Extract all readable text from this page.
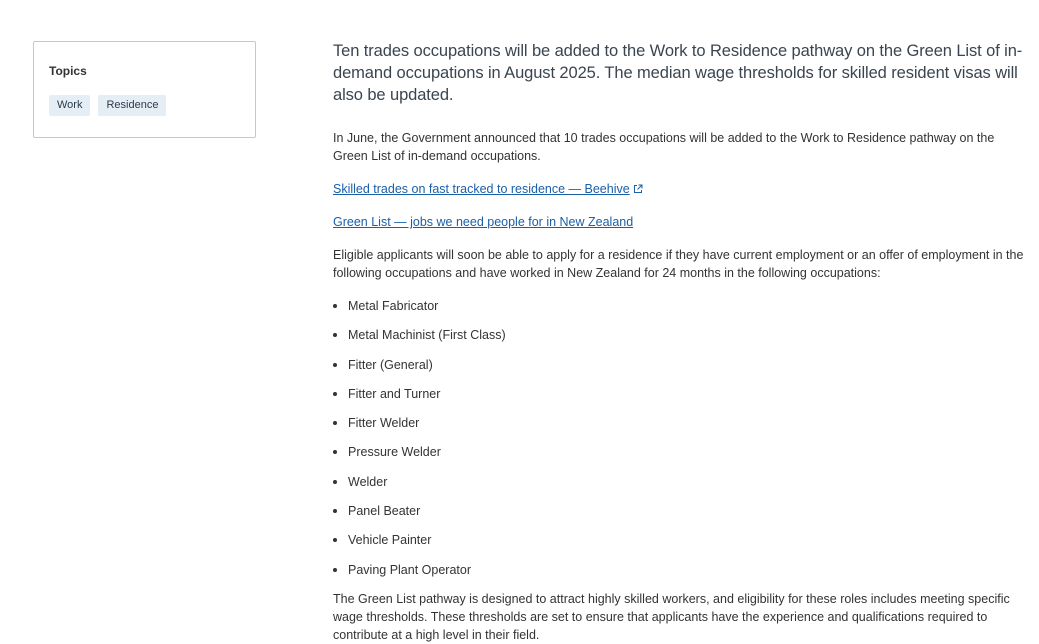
Topics
Work	Residence

Ten trades occupations will be added to the Work to Residence pathway on the Green List of in-demand occupations in August 2025. The median wage thresholds for skilled resident visas will also be updated.

In June, the Government announced that 10 trades occupations will be added to the Work to Residence pathway on the Green List of in-demand occupations.

Skilled trades on fast tracked to residence — Beehive

Green List — jobs we need people for in New Zealand

Eligible applicants will soon be able to apply for a residence if they have current employment or an offer of employment in the following occupations and have worked in New Zealand for 24 months in the following occupations:

Metal Fabricator
Metal Machinist (First Class)
Fitter (General)
Fitter and Turner
Fitter Welder
Pressure Welder
Welder
Panel Beater
Vehicle Painter
Paving Plant Operator

The Green List pathway is designed to attract highly skilled workers, and eligibility for these roles includes meeting specific wage thresholds. These thresholds are set to ensure that applicants have the experience and qualifications required to contribute at a high level in their field.
